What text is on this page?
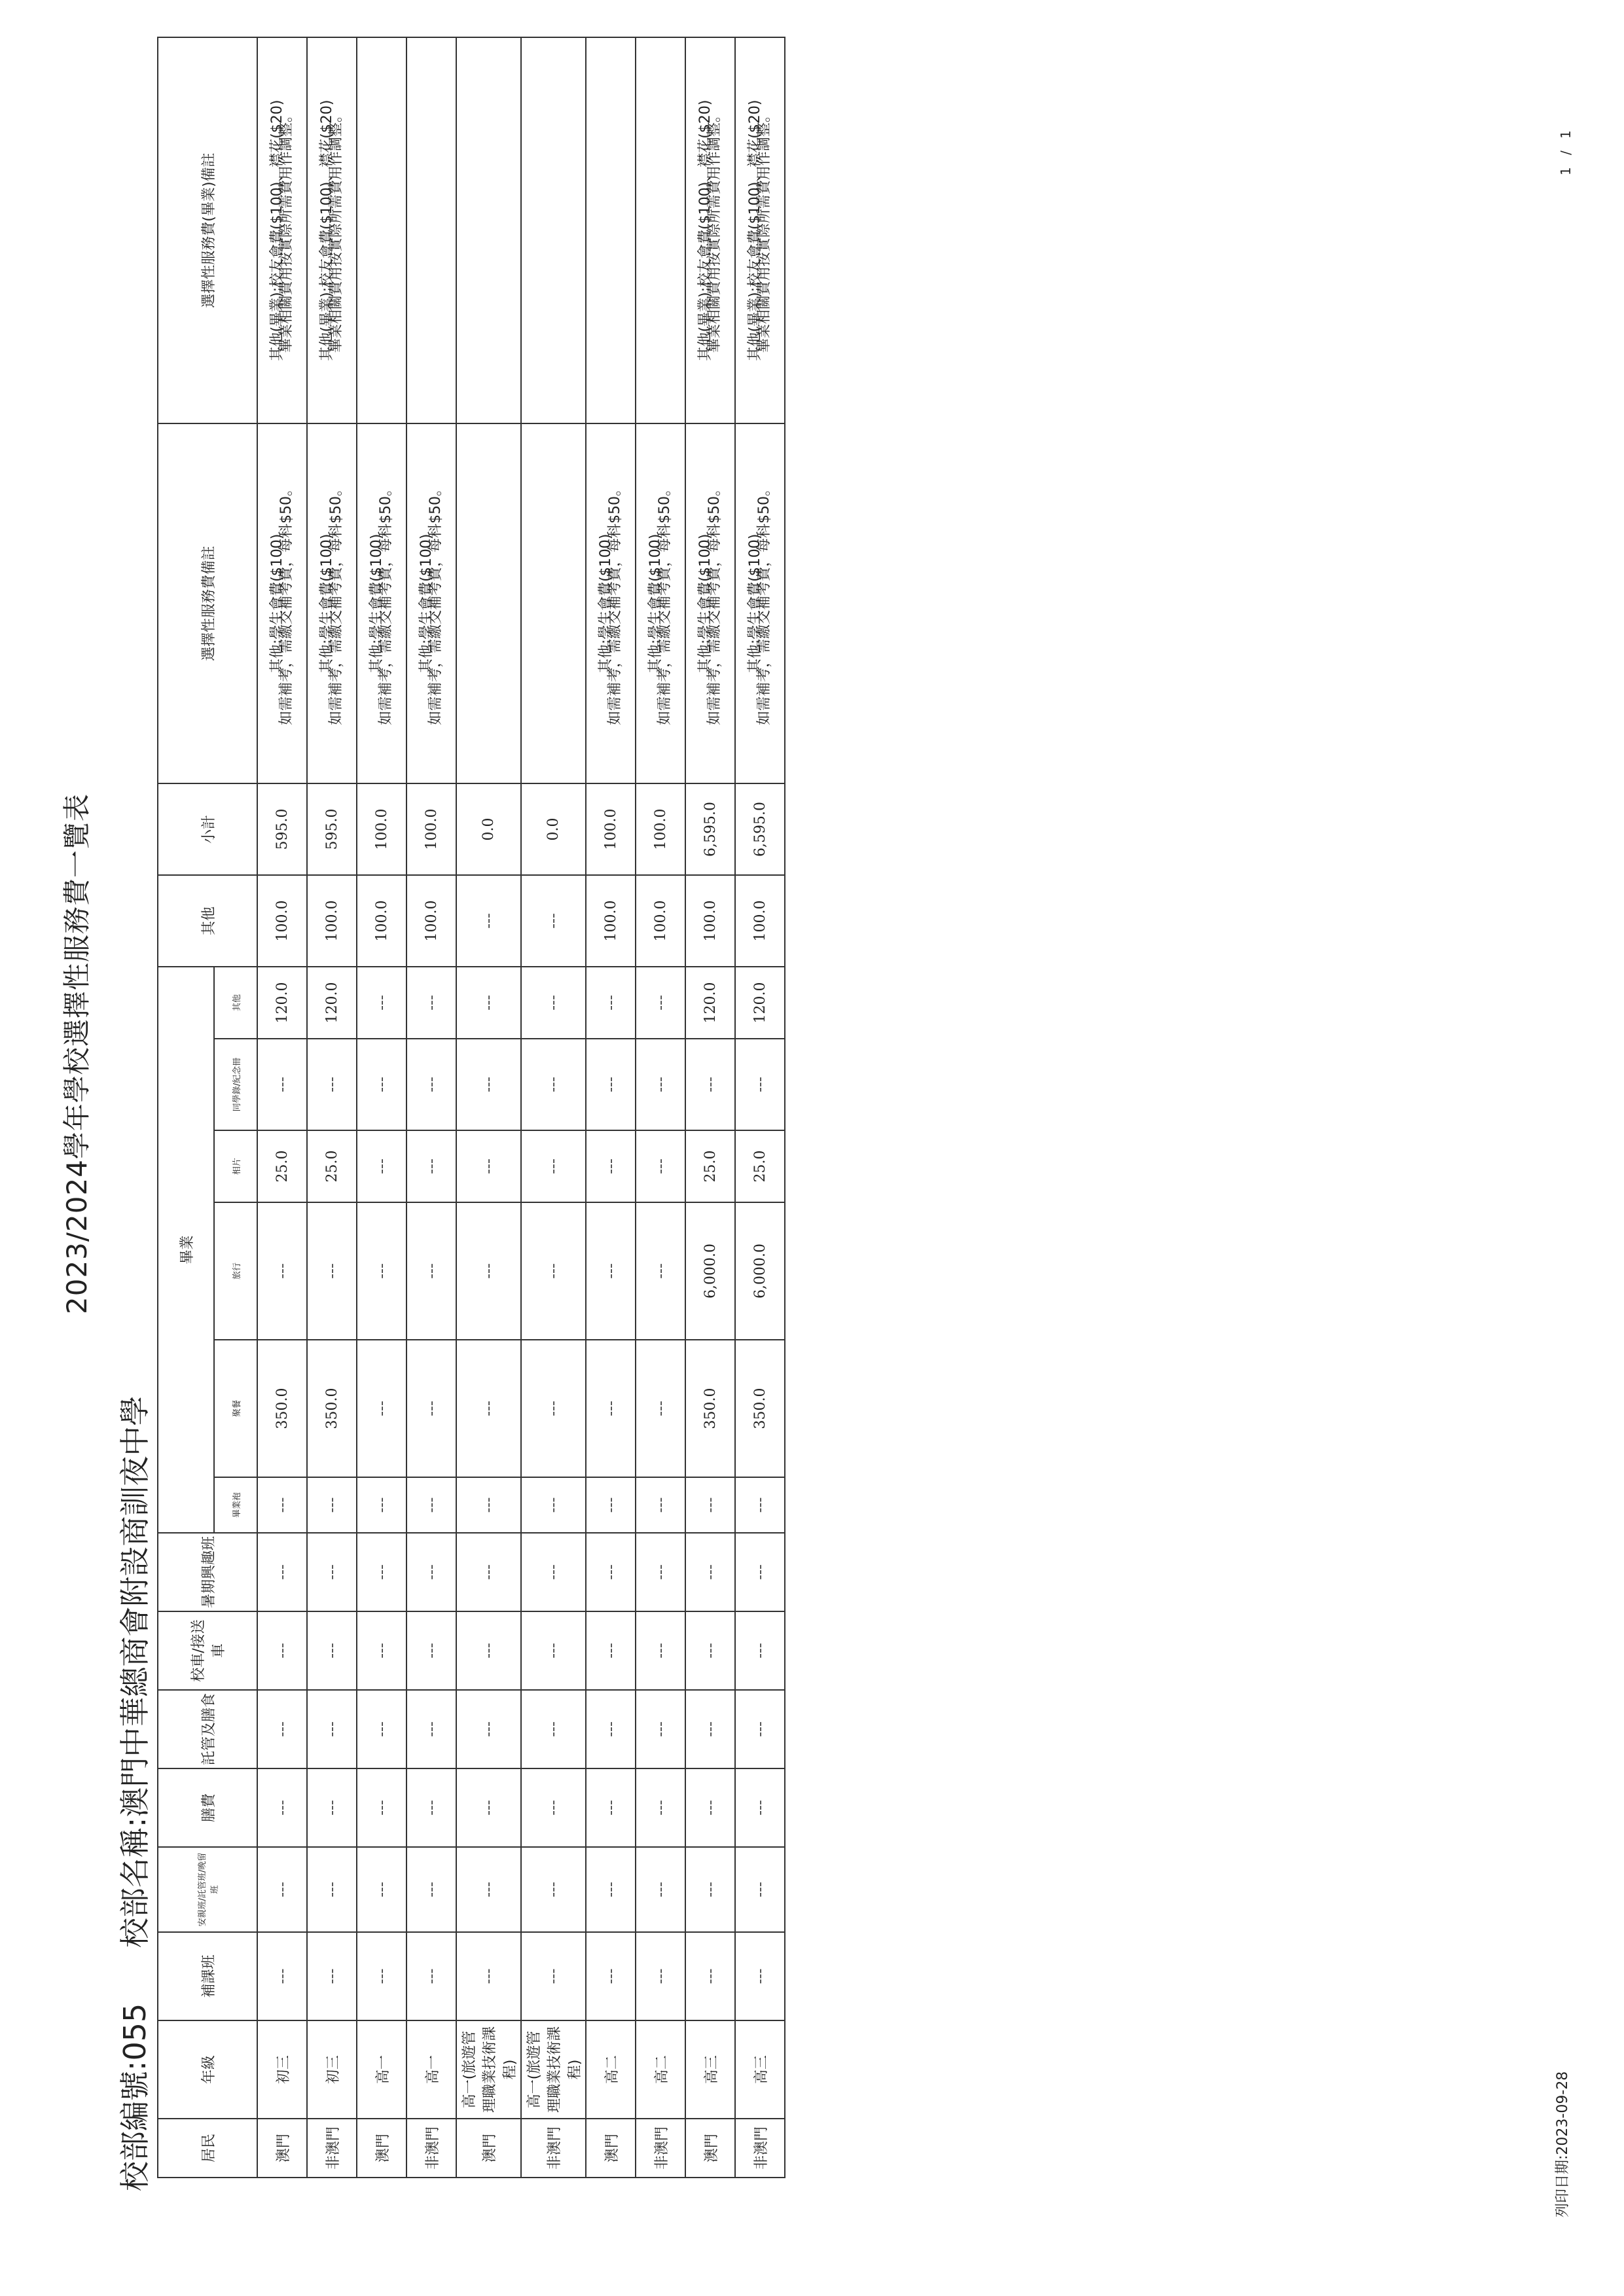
2023/2024學年學校選擇性服務費一覽表
校部編號:055 校部名稱:澳門中華總商會附設商訓夜中學
居民	年級	補課班	安親班/託管班/晚留班	膳費	託管及膳食	校車/接送車	暑期興趣班	畢業						其他	小計	選擇性服務費備註	選擇性服務費(畢業)備註
								畢業袍	聚餐	旅行	相片	同學錄/紀念冊	其他				
澳門	初三	---	---	---	---	---	---	---	350.0	---	25.0	---	120.0	100.0	595.0	其他:學生會費($100)
如需補考，需繳交補考費，每科$50。	其他(畢業):校友會費($100)、襟花($20)
畢業相關費用按實際所需費用作調整。
非澳門	初三	---	---	---	---	---	---	---	350.0	---	25.0	---	120.0	100.0	595.0	其他:學生會費($100)
如需補考，需繳交補考費，每科$50。	其他(畢業):校友會費($100)、襟花($20)
畢業相關費用按實際所需費用作調整。
澳門	高一	---	---	---	---	---	---	---	---	---	---	---	---	100.0	100.0	其他:學生會費($100)
如需補考，需繳交補考費，每科$50。	
非澳門	高一	---	---	---	---	---	---	---	---	---	---	---	---	100.0	100.0	其他:學生會費($100)
如需補考，需繳交補考費，每科$50。	
澳門	高一(旅遊管理職業技術課程)	---	---	---	---	---	---	---	---	---	---	---	---	---	0.0		
非澳門	高一(旅遊管理職業技術課程)	---	---	---	---	---	---	---	---	---	---	---	---	---	0.0		
澳門	高二	---	---	---	---	---	---	---	---	---	---	---	---	100.0	100.0	其他:學生會費($100)
如需補考，需繳交補考費，每科$50。	
非澳門	高二	---	---	---	---	---	---	---	---	---	---	---	---	100.0	100.0	其他:學生會費($100)
如需補考，需繳交補考費，每科$50。	
澳門	高三	---	---	---	---	---	---	---	350.0	6,000.0	25.0	---	120.0	100.0	6,595.0	其他:學生會費($100)
如需補考，需繳交補考費，每科$50。	其他(畢業):校友會費($100)、襟花($20)
畢業相關費用按實際所需費用作調整。
非澳門	高三	---	---	---	---	---	---	---	350.0	6,000.0	25.0	---	120.0	100.0	6,595.0	其他:學生會費($100)
如需補考，需繳交補考費，每科$50。	其他(畢業):校友會費($100)、襟花($20)
畢業相關費用按實際所需費用作調整。
列印日期:2023-09-28
1 / 1
